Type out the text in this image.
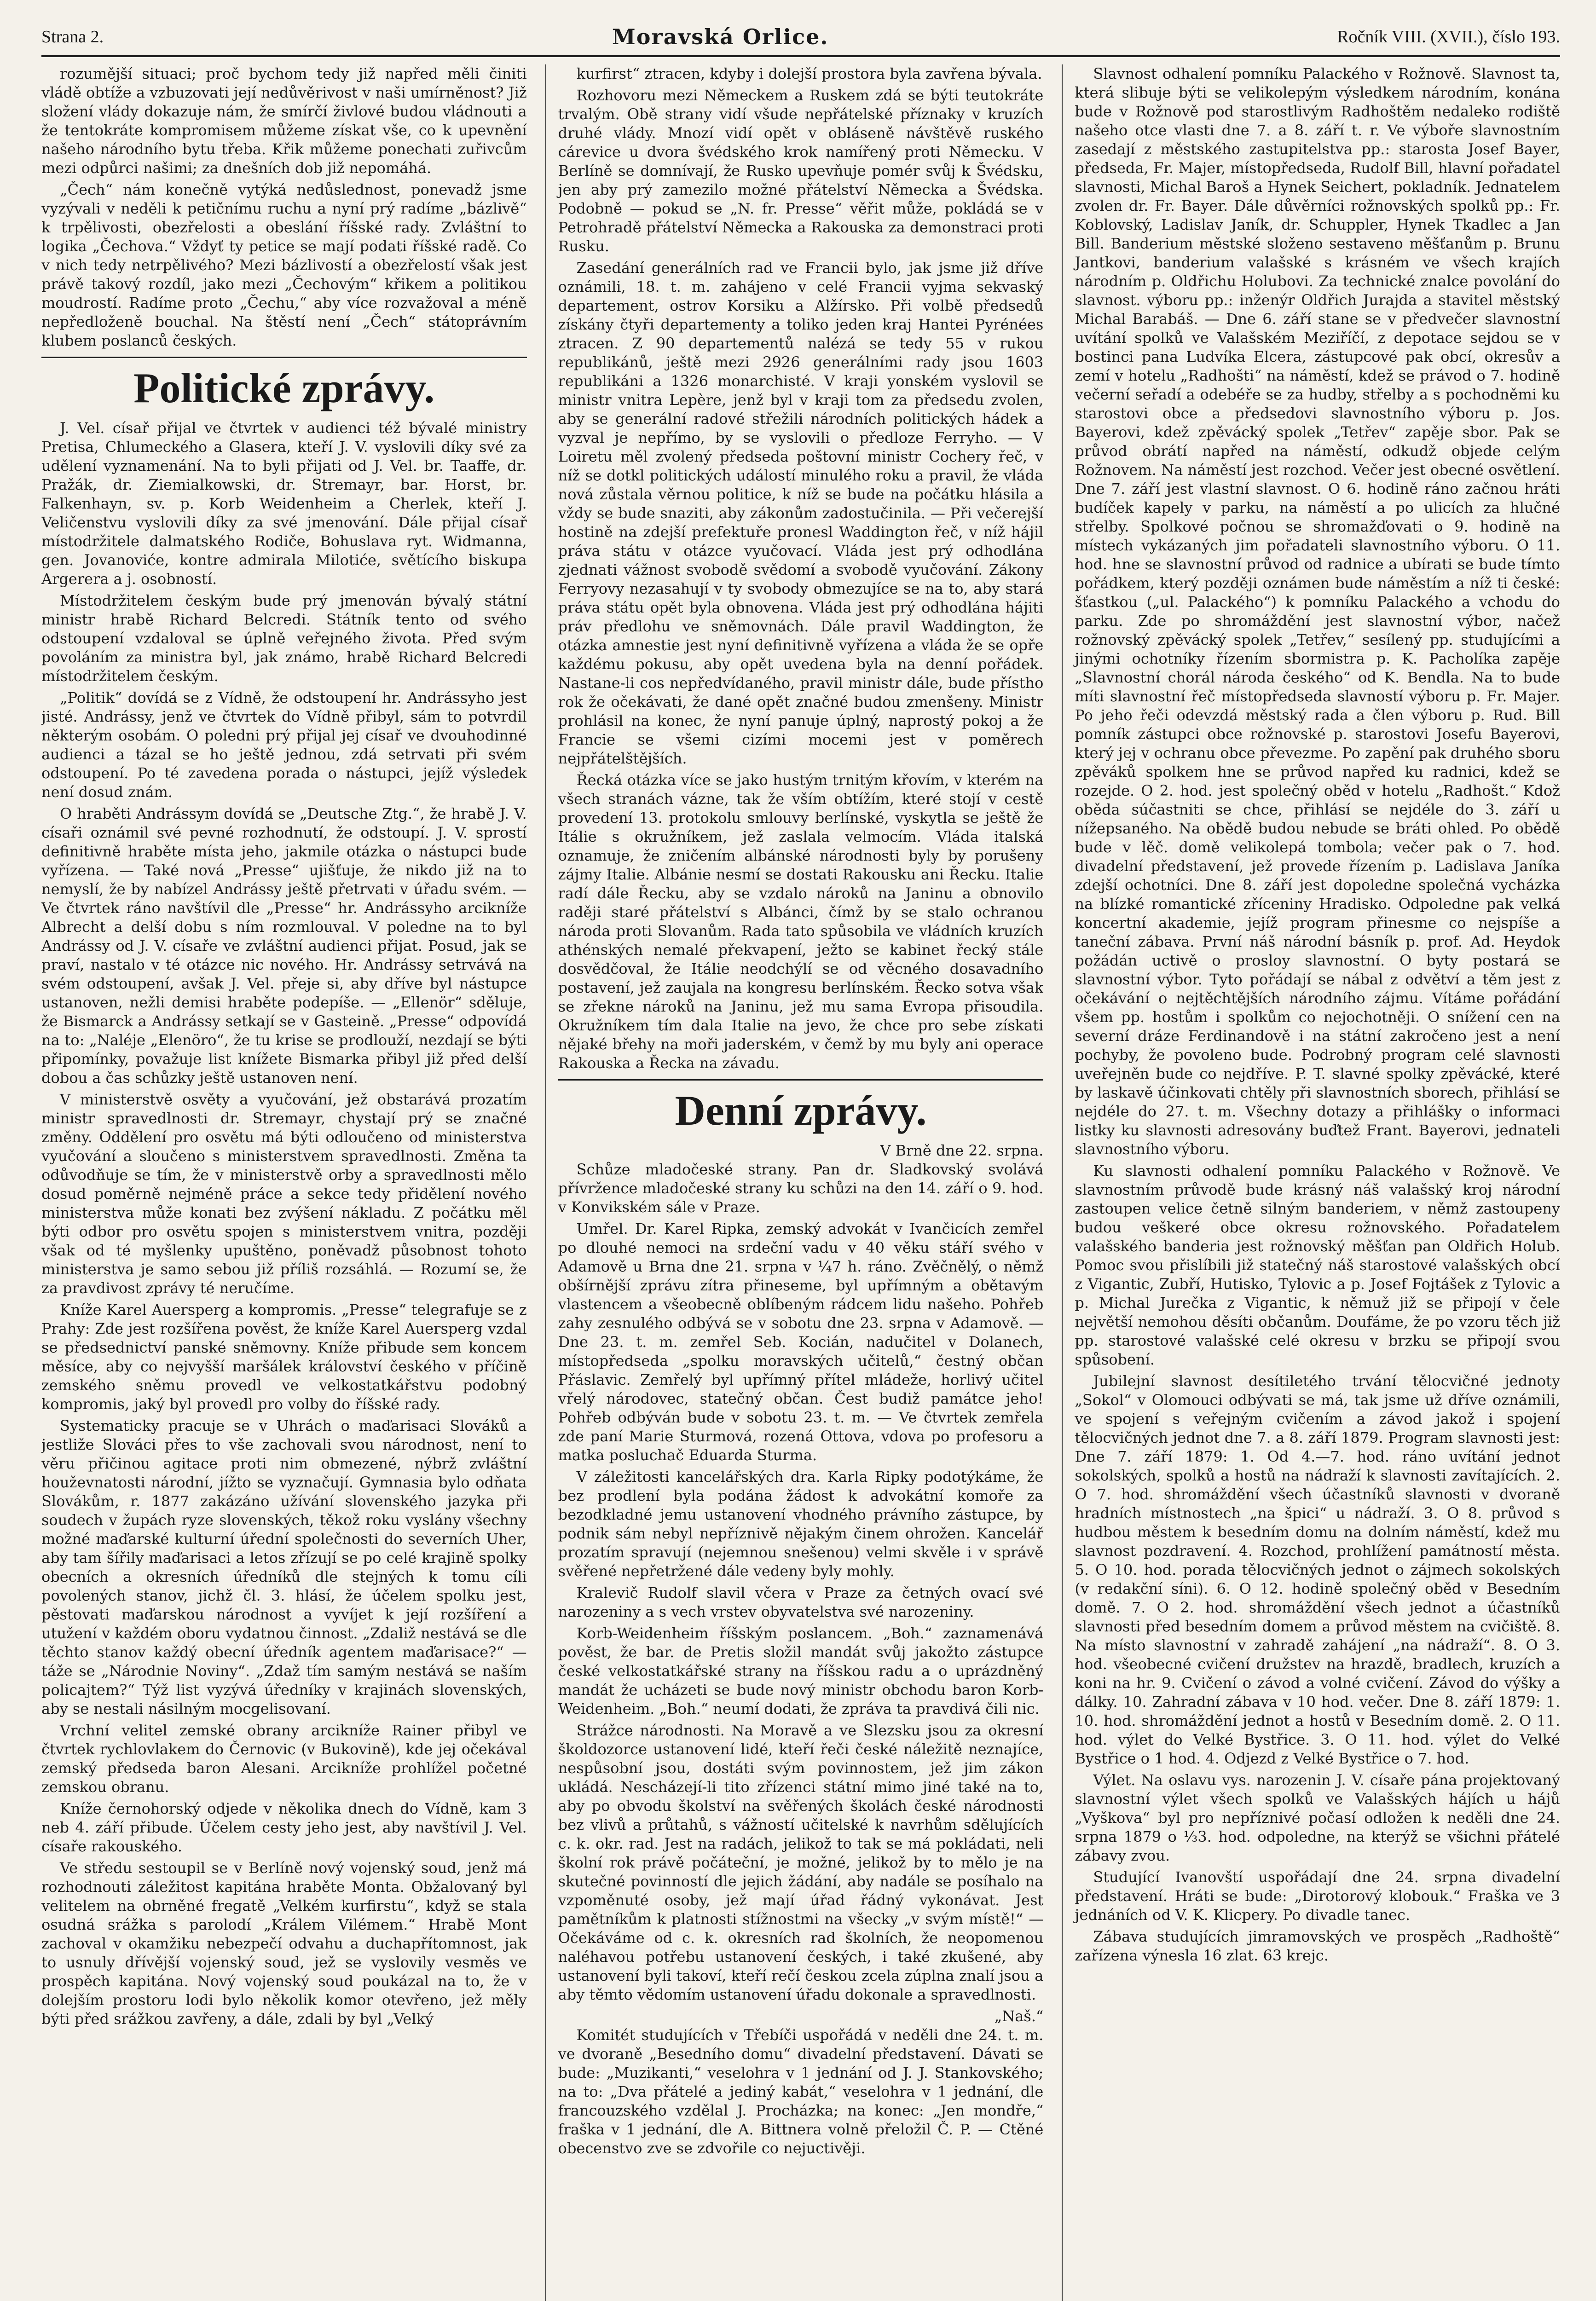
Strana 2.	Moravská Orlice.	Ročník VIII. (XVII.), číslo 193.

rozumější situaci; proč bychom tedy již napřed měli činiti vládě obtíže a vzbuzovati její nedůvěrivost v naši umírněnost? Již složení vlády dokazuje nám, že smírčí živlové budou vládnouti a že tentokráte kompromisem můžeme získat vše, co k upevnění našeho národního bytu třeba. Křik můžeme ponechati zuřivcům mezi odpůrci našimi; za dnešních dob již nepomáhá.

„Čech“ nám konečně vytýká nedůslednost, ponevadž jsme vyzývali v neděli k petičnímu ruchu a nyní prý radíme „bázlivě“ k trpělivosti, obezřelosti a obeslání říšské rady. Zvláštní to logika „Čechova.“ Vždyť ty petice se mají podati říšské radě. Co v nich tedy netrpělivého? Mezi bázlivostí a obezřelostí však jest právě takový rozdíl, jako mezi „Čechovým“ křikem a politikou moudrostí. Radíme proto „Čechu,“ aby více rozvažoval a méně nepředloženě bouchal. Na štěstí není „Čech“ státoprávním klubem poslanců českých.

Politické zprávy.

J. Vel. císař přijal ve čtvrtek v audienci též bývalé ministry Pretisa, Chlumeckého a Glasera, kteří J. V. vyslovili díky své za udělení vyznamenání. Na to byli přijati od J. Vel. br. Taaffe, dr. Pražák, dr. Ziemialkowski, dr. Stremayr, bar. Horst, br. Falkenhayn, sv. p. Korb Weidenheim a Cherlek, kteří J. Veličenstvu vyslovili díky za své jmenování. Dále přijal císař místodržitele dalmatského Rodiče, Bohuslava ryt. Widmanna, gen. Jovanoviće, kontre admirala Milotiće, světícího biskupa Argerera a j. osobností.

Místodržitelem českým bude prý jmenován bývalý státní ministr hrabě Richard Belcredi. Státník tento od svého odstoupení vzdaloval se úplně veřejného života. Před svým povoláním za ministra byl, jak známo, hrabě Richard Belcredi místodržitelem českým.

„Politik“ dovídá se z Vídně, že odstoupení hr. Andrássyho jest jisté. Andrássy, jenž ve čtvrtek do Vídně přibyl, sám to potvrdil některým osobám. O poledni prý přijal jej císař ve dvouhodinné audienci a tázal se ho ještě jednou, zdá setrvati při svém odstoupení. Po té zavedena porada o nástupci, jejíž výsledek není dosud znám.

O hraběti Andrássym dovídá se „Deutsche Ztg.“, že hrabě J. V. císaři oznámil své pevné rozhodnutí, že odstoupí. J. V. sprostí definitivně hraběte místa jeho, jakmile otázka o nástupci bude vyřízena. — Také nová „Presse“ ujišťuje, že nikdo již na to nemyslí, že by nabízel Andrássy ještě přetrvati v úřadu svém. — Ve čtvrtek ráno navštívil dle „Presse“ hr. Andrássyho arcikníže Albrecht a delší dobu s ním rozmlouval. V poledne na to byl Andrássy od J. V. císaře ve zvláštní audienci přijat. Posud, jak se praví, nastalo v té otázce nic nového. Hr. Andrássy setrvává na svém odstoupení, avšak J. Vel. přeje si, aby dříve byl nástupce ustanoven, nežli demisi hraběte podepíše. — „Ellenör“ sděluje, že Bismarck a Andrássy setkají se v Gasteině. „Presse“ odpovídá na to: „Naléje „Elenöro“, že tu krise se prodlouží, nezdají se býti připomínky, považuje list knížete Bismarka přibyl již před delší dobou a čas schůzky ještě ustanoven není.

V ministerstvě osvěty a vyučování, jež obstarává prozatím ministr spravedlnosti dr. Stremayr, chystají prý se značné změny. Oddělení pro osvětu má býti odloučeno od ministerstva vyučování a sloučeno s ministerstvem spravedlnosti. Změna ta odůvodňuje se tím, že v ministerstvě orby a spravedlnosti mělo dosud poměrně nejméně práce a sekce tedy přidělení nového ministerstva může konati bez zvýšení nákladu. Z počátku měl býti odbor pro osvětu spojen s ministerstvem vnitra, později však od té myšlenky upuštěno, poněvadž působnost tohoto ministerstva je samo sebou již příliš rozsáhlá. — Rozumí se, že za pravdivost zprávy té neručíme.

Kníže Karel Auersperg a kompromis. „Presse“ telegrafuje se z Prahy: Zde jest rozšířena pověst, že kníže Karel Auersperg vzdal se předsednictví panské sněmovny. Kníže přibude sem koncem měsíce, aby co nejvyšší maršálek království českého v příčině zemského sněmu provedl ve velkostatkářstvu podobný kompromis, jaký byl provedl pro volby do říšské rady.

Systematicky pracuje se v Uhrách o maďarisaci Slováků a jestliže Slováci přes to vše zachovali svou národnost, není to věru přičinou agitace proti nim obmezené, nýbrž zvláštní houževnatosti národní, jížto se vyznačují. Gymnasia bylo odňata Slovákům, r. 1877 zakázáno užívání slovenského jazyka při soudech v župách ryze slovenských, těkož roku vyslány všechny možné maďarské kulturní úřední společnosti do severních Uher, aby tam šířily maďarisaci a letos zřízují se po celé krajině spolky obecních a okresních úředníků dle stejných k tomu cíli povolených stanov, jichž čl. 3. hlásí, že účelem spolku jest, pěstovati maďarskou národnost a vyvíjet k její rozšíření a utužení v každém oboru vydatnou činnost. „Zdaliž nestává se dle těchto stanov každý obecní úředník agentem maďarisace?“ — táže se „Národnie Noviny“. „Zdaž tím samým nestává se naším policajtem?“ Týž list vyzývá úředníky v krajinách slovenských, aby se nestali násilným mocgelisovaní.

Vrchní velitel zemské obrany arcikníže Rainer přibyl ve čtvrtek rychlovlakem do Černovic (v Bukovině), kde jej očekával zemský předseda baron Alesani. Arcikníže prohlížel početné zemskou obranu.

Kníže černohorský odjede v několika dnech do Vídně, kam 3 neb 4. září přibude. Účelem cesty jeho jest, aby navštívil J. Vel. císaře rakouského.

Ve středu sestoupil se v Berlíně nový vojenský soud, jenž má rozhodnouti záležitost kapitána hraběte Monta. Obžalovaný byl velitelem na obrněné fregatě „Velkém kurfirstu“, když se stala osudná srážka s parolodí „Králem Vilémem.“ Hrabě Mont zachoval v okamžiku nebezpečí odvahu a duchapřítomnost, jak to usnuly dřívější vojenský soud, jež se vyslovily vesměs ve prospěch kapitána. Nový vojenský soud poukázal na to, že v dolejším prostoru lodi bylo několik komor otevřeno, jež měly býti před srážkou zavřeny, a dále, zdali by byl „Velký

kurfirst“ ztracen, kdyby i dolejší prostora byla zavřena bývala.

Rozhovoru mezi Německem a Ruskem zdá se býti teutokráte trvalým. Obě strany vidí všude nepřátelské příznaky v kruzích druhé vlády. Mnozí vidí opět v obláseně návštěvě ruského cárevice u dvora švédského krok namířený proti Německu. V Berlíně se domnívají, že Rusko upevňuje pomér svůj k Švédsku, jen aby prý zamezilo možné přátelství Německa a Švédska. Podobně — pokud se „N. fr. Presse“ věřit může, pokládá se v Petrohradě přátelství Německa a Rakouska za demonstraci proti Rusku.

Zasedání generálních rad ve Francii bylo, jak jsme již dříve oznámili, 18. t. m. zahájeno v celé Francii vyjma sekvaský departement, ostrov Korsiku a Alžírsko. Při volbě předsedů získány čtyři departementy a toliko jeden kraj Hantei Pyrénées ztracen. Z 90 departementů nalézá se tedy 55 v rukou republikánů, ještě mezi 2926 generálními rady jsou 1603 republikáni a 1326 monarchisté. V kraji yonském vyslovil se ministr vnitra Lepère, jenž byl v kraji tom za předsedu zvolen, aby se generální radové střežili národních politických hádek a vyzval je nepřímo, by se vyslovili o předloze Ferryho. — V Loiretu měl zvolený předseda poštovní ministr Cochery řeč, v níž se dotkl politických událostí minulého roku a pravil, že vláda nová zůstala věrnou politice, k níž se bude na počátku hlásila a vždy se bude snaziti, aby zákonům zadostučinila. — Při večerejší hostině na zdejší prefektuře pronesl Waddington řeč, v níž hájil práva státu v otázce vyučovací. Vláda jest prý odhodlána zjednati vážnost svobodě svědomí a svobodě vyučování. Zákony Ferryovy nezasahují v ty svobody obmezujíce se na to, aby stará práva státu opět byla obnovena. Vláda jest prý odhodlána hájiti práv předlohu ve sněmovnách. Dále pravil Waddington, že otázka amnestie jest nyní definitivně vyřízena a vláda že se opře každému pokusu, aby opět uvedena byla na denní pořádek. Nastane-li cos nepředvídaného, pravil ministr dále, bude přístho rok že očekávati, že dané opět značné budou zmenšeny. Ministr prohlásil na konec, že nyní panuje úplný, naprostý pokoj a že Francie se všemi cizími mocemi jest v poměrech nejpřátelštějších.

Řecká otázka více se jako hustým trnitým křovím, v kterém na všech stranách vázne, tak že vším obtížím, které stojí v cestě provedení 13. protokolu smlouvy berlínské, vyskytla se ještě že Itálie s okružníkem, jež zaslala velmocím. Vláda italská oznamuje, že zničením albánské národnosti byly by porušeny zájmy Italie. Albánie nesmí se dostati Rakousku ani Řecku. Italie radí dále Řecku, aby se vzdalo nároků na Janinu a obnovilo raději staré přátelství s Albánci, čímž by se stalo ochranou národa proti Slovanům. Rada tato spůsobila ve vládních kruzích athénských nemalé překvapení, ježto se kabinet řecký stále dosvědčoval, že Itálie neodchýlí se od věcného dosavadního postavení, jež zaujala na kongresu berlínském. Řecko sotva však se zřekne nároků na Janinu, jež mu sama Evropa přisoudila. Okružníkem tím dala Italie na jevo, že chce pro sebe získati nějaké břehy na moři jaderském, v čemž by mu byly ani operace Rakouska a Řecka na závadu.

Denní zprávy.
V Brně dne 22. srpna.

Schůze mladočeské strany. Pan dr. Sladkovský svolává přívržence mladočeské strany ku schůzi na den 14. září o 9. hod. v Konvikském sále v Praze.

Umřel. Dr. Karel Ripka, zemský advokát v Ivančicích zemřel po dlouhé nemoci na srdeční vadu v 40 věku stáří svého v Adamově u Brna dne 21. srpna v ¼7 h. ráno. Zvěčnělý, o němž obšírnější zprávu zítra přineseme, byl upřímným a obětavým vlastencem a všeobecně oblíbeným rádcem lidu našeho. Pohřeb zahy zesnulého odbývá se v sobotu dne 23. srpna v Adamově. — Dne 23. t. m. zemřel Seb. Kocián, nadučitel v Dolanech, místopředseda „spolku moravských učitelů,“ čestný občan Přáslavic. Zemřelý byl upřímný přítel mládeže, horlivý učitel vřelý národovec, statečný občan. Čest budiž památce jeho! Pohřeb odbýván bude v sobotu 23. t. m. — Ve čtvrtek zemřela zde paní Marie Sturmová, rozená Ottova, vdova po profesoru a matka posluchač Eduarda Sturma.

V záležitosti kancelářských dra. Karla Ripky podotýkáme, že bez prodlení byla podána žádost k advokátní komoře za bezodkladné jemu ustanovení vhodného právního zástupce, by podnik sám nebyl nepříznivě nějakým činem ohrožen. Kancelář prozatím spravují (nejemnou snešenou) velmi skvěle i v správě svěřené nepřetržené dále vedeny byly mohly.

Kralevič Rudolf slavil včera v Praze za četných ovací své narozeniny a s vech vrstev obyvatelstva své narozeniny.

Korb-Weidenheim říšským poslancem. „Boh.“ zaznamenává pověst, že bar. de Pretis složil mandát svůj jakožto zástupce české velkostatkářské strany na říšskou radu a o uprázdněný mandát že ucházeti se bude nový ministr obchodu baron Korb-Weidenheim. „Boh.“ neumí dodati, že zpráva ta pravdivá čili nic.

Strážce národnosti. Na Moravě a ve Slezsku jsou za okresní školdozorce ustanovení lidé, kteří řeči české náležitě neznajíce, nespůsobní jsou, dostáti svým povinnostem, jež jim zákon ukládá. Nescházejí-li tito zřízenci státní mimo jiné také na to, aby po obvodu školství na svěřených školách české národnosti bez vlivů a průtahů, s vážností učitelské k navrhům sdělujících c. k. okr. rad. Jest na radách, jelikož to tak se má pokládati, neli školní rok právě počáteční, je možné, jelikož by to mělo je na skutečné povinností dle jejich žádání, aby nadále se posíhalo na vzpoměnuté osoby, jež mají úřad řádný vykonávat. Jest pamětníkům k platnosti stížnostmi na všecky „v svým místě!“ — Očekáváme od c. k. okresních rad školních, že neopomenou naléhavou potřebu ustanovení českých, i také zkušené, aby ustanovení byli takoví, kteří rečí českou zcela zúplna znalí jsou a aby těmto vědomím ustanovení úřadu dokonale a spravedlnosti.

„Naš.“

Komitét studujících v Třebíči uspořádá v neděli dne 24. t. m. ve dvoraně „Besedního domu“ divadelní představení. Dávati se bude: „Muzikanti,“ veselohra v 1 jednání od J. J. Stankovského; na to: „Dva přátelé a jediný kabát,“ veselohra v 1 jednání, dle francouzského vzdělal J. Procházka; na konec: „Jen mondře,“ fraška v 1 jednání, dle A. Bittnera volně přeložil Č. P. — Ctěné obecenstvo zve se zdvořile co nejuctivěji.

Slavnost odhalení pomníku Palackého v Rožnově. Slavnost ta, která slibuje býti se velikolepým výsledkem národním, konána bude v Rožnově pod starostlivým Radhoštěm nedaleko rodiště našeho otce vlasti dne 7. a 8. září t. r. Ve výboře slavnostním zasedají z městského zastupitelstva pp.: starosta Josef Bayer, předseda, Fr. Majer, místopředseda, Rudolf Bill, hlavní pořadatel slavnosti, Michal Baroš a Hynek Seichert, pokladník. Jednatelem zvolen dr. Fr. Bayer. Dále důvěrníci rožnovských spolků pp.: Fr. Koblovský, Ladislav Janík, dr. Schuppler, Hynek Tkadlec a Jan Bill. Banderium městské složeno sestaveno měšťanům p. Brunu Jantkovi, banderium valašské s krásném ve všech krajích národním p. Oldřichu Holubovi. Za technické znalce povolání do slavnost. výboru pp.: inženýr Oldřich Jurajda a stavitel městský Michal Barabáš. — Dne 6. září stane se v předvečer slavnostní uvítání spolků ve Valašském Meziříčí, z depotace sejdou se v bostinci pana Ludvíka Elcera, zástupcové pak obcí, okresův a zemí v hotelu „Radhošti“ na náměstí, kdež se právod o 7. hodině večerní seřadí a odebéře se za hudby, střelby a s pochodněmi ku starostovi obce a předsedovi slavnostního výboru p. Jos. Bayerovi, kdež zpěvácký spolek „Tetřev“ zapěje sbor. Pak se průvod obrátí napřed na náměstí, odkudž objede celým Rožnovem. Na náměstí jest rozchod. Večer jest obecné osvětlení. Dne 7. září jest vlastní slavnost. O 6. hodině ráno začnou hráti budíček kapely v parku, na náměstí a po ulicích za hlučné střelby. Spolkové počnou se shromažďovati o 9. hodině na místech vykázaných jim pořadateli slavnostního výboru. O 11. hod. hne se slavnostní průvod od radnice a ubírati se bude tímto pořádkem, který později oznámen bude náměstím a níž ti české: šťastkou („ul. Palackého“) k pomníku Palackého a vchodu do parku. Zde po shromáždění jest slavnostní výbor, načež rožnovský zpěvácký spolek „Tetřev,“ sesílený pp. studujícími a jinými ochotníky řízením sbormistra p. K. Pacholíka zapěje „Slavnostní chorál národa českého“ od K. Bendla. Na to bude míti slavnostní řeč místopředseda slavností výboru p. Fr. Majer. Po jeho řeči odevzdá městský rada a člen výboru p. Rud. Bill pomník zástupci obce rožnovské p. starostovi Josefu Bayerovi, který jej v ochranu obce převezme. Po zapění pak druhého sboru zpěváků spolkem hne se průvod napřed ku radnici, kdež se rozejde. O 2. hod. jest společný oběd v hotelu „Radhošt.“ Kdož oběda súčastniti se chce, přihlásí se nejdéle do 3. září u nížepsaného. Na obědě budou nebude se bráti ohled. Po obědě bude v lěč. domě velikolepá tombola; večer pak o 7. hod. divadelní představení, jež provede řízením p. Ladislava Janíka zdejší ochotníci. Dne 8. září jest dopoledne společná vycházka na blízké romantické zříceniny Hradisko. Odpoledne pak velká koncertní akademie, jejíž program přinesme co nejspíše a taneční zábava. První náš národní básník p. prof. Ad. Heydok požádán uctivě o prosloy slavnostní. O byty postará se slavnostní výbor. Tyto pořádají se nábal z odvětví a těm jest z očekávání o nejtěchtějších národního zájmu. Vítáme pořádání všem pp. hostům i spolkům co nejochotněji. O snížení cen na severní dráze Ferdinandově i na státní zakročeno jest a není pochyby, že povoleno bude. Podrobný program celé slavnosti uveřejněn bude co nejdříve. P. T. slavné spolky zpěvácké, které by laskavě účinkovati chtěly při slavnostních sborech, přihlásí se nejdéle do 27. t. m. Všechny dotazy a přihlášky o informaci listky ku slavnosti adresovány buďtež Frant. Bayerovi, jednateli slavnostního výboru.

Ku slavnosti odhalení pomníku Palackého v Rožnově. Ve slavnostním průvodě bude krásný náš valašský kroj národní zastoupen velice četně silným banderiem, v němž zastoupeny budou veškeré obce okresu rožnovského. Pořadatelem valašského banderia jest rožnovský měšťan pan Oldřich Holub. Pomoc svou přislíbili již statečný náš starostové valašských obcí z Vigantic, Zubří, Hutisko, Tylovic a p. Josef Fojtášek z Tylovic a p. Michal Jurečka z Vigantic, k němuž již se připojí v čele největší nemohou děsíti občanům. Doufáme, že po vzoru těch již pp. starostové valašské celé okresu v brzku se připojí svou spůsobení.

Jubilejní slavnost desítiletého trvání tělocvičné jednoty „Sokol“ v Olomouci odbývati se má, tak jsme už dříve oznámili, ve spojení s veřejným cvičením a závod jakož i spojení tělocvičných jednot dne 7. a 8. září 1879. Program slavnosti jest: Dne 7. září 1879: 1. Od 4.—7. hod. ráno uvítání jednot sokolských, spolků a hostů na nádraží k slavnosti zavítajících. 2. O 7. hod. shromáždění všech účastníků slavnosti v dvoraně hradních místnostech „na špici“ u nádraží. 3. O 8. průvod s hudbou městem k besedním domu na dolním náměstí, kdež mu slavnost pozdravení. 4. Rozchod, prohlížení památností města. 5. O 10. hod. porada tělocvičných jednot o zájmech sokolských (v redakční síni). 6. O 12. hodině společný oběd v Besedním domě. 7. O 2. hod. shromáždění všech jednot a účastníků slavnosti před besedním domem a průvod městem na cvičiště. 8. Na místo slavnostní v zahradě zahájení „na nádraží“. 8. O 3. hod. všeobecné cvičení družstev na hrazdě, bradlech, kruzích a koni na hr. 9. Cvičení o závod a volné cvičení. Závod do výšky a dálky. 10. Zahradní zábava v 10 hod. večer. Dne 8. září 1879: 1. 10. hod. shromáždění jednot a hostů v Besedním domě. 2. O 11. hod. výlet do Velké Bystřice. 3. O 11. hod. výlet do Velké Bystřice o 1 hod. 4. Odjezd z Velké Bystřice o 7. hod.

Výlet. Na oslavu vys. narozenin J. V. císaře pána projektovaný slavnostní výlet všech spolků ve Valašských hájích u hájů „Vyškova“ byl pro nepříznivé počasí odložen k neděli dne 24. srpna 1879 o ⅓3. hod. odpoledne, na kterýž se všichni přátelé zábavy zvou.

Studující Ivanovští uspořádají dne 24. srpna divadelní představení. Hráti se bude: „Dirotorový klobouk.“ Fraška ve 3 jednáních od V. K. Klicpery. Po divadle tanec.

Zábava studujících jimramovských ve prospěch „Radhoště“ zařízena výnesla 16 zlat. 63 krejc.
